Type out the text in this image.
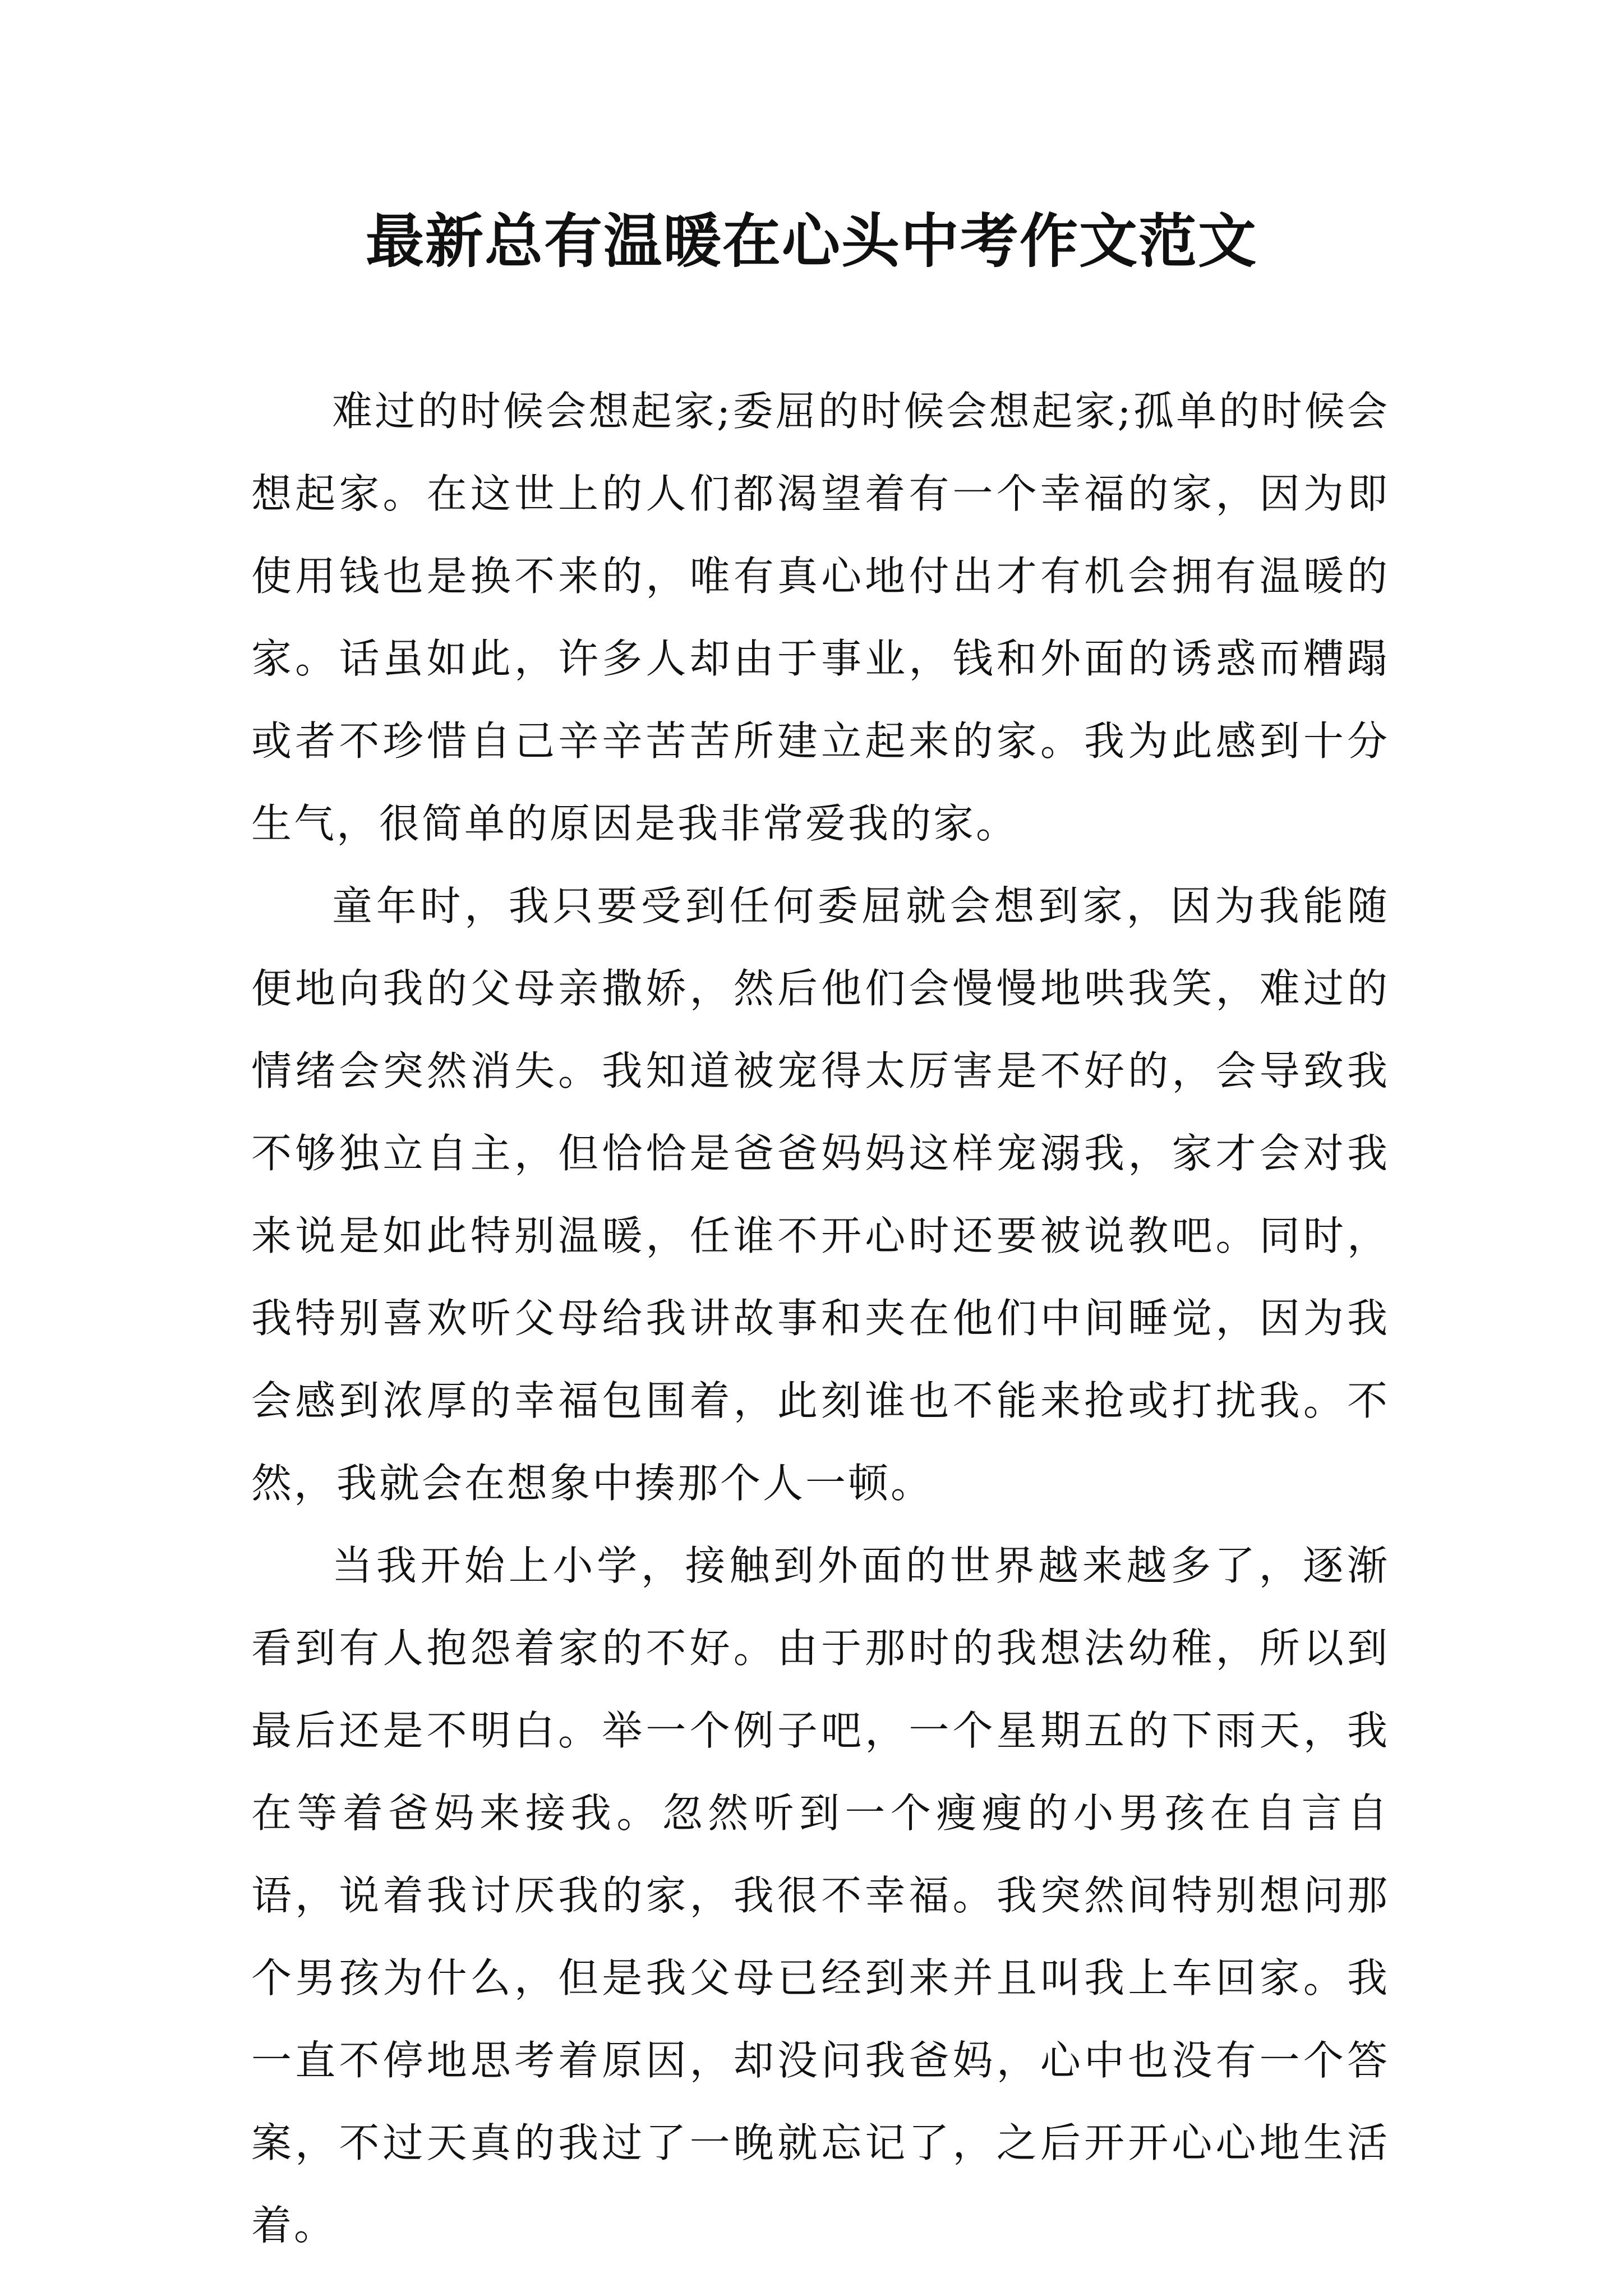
最新总有温暖在心头中考作文范文

难过的时候会想起家;委屈的时候会想起家;孤单的时候会想起家。在这世上的人们都渴望着有一个幸福的家，因为即使用钱也是换不来的，唯有真心地付出才有机会拥有温暖的家。话虽如此，许多人却由于事业，钱和外面的诱惑而糟蹋或者不珍惜自己辛辛苦苦所建立起来的家。我为此感到十分生气，很简单的原因是我非常爱我的家。

童年时，我只要受到任何委屈就会想到家，因为我能随便地向我的父母亲撒娇，然后他们会慢慢地哄我笑，难过的情绪会突然消失。我知道被宠得太厉害是不好的，会导致我不够独立自主，但恰恰是爸爸妈妈这样宠溺我，家才会对我来说是如此特别温暖，任谁不开心时还要被说教吧。同时，我特别喜欢听父母给我讲故事和夹在他们中间睡觉，因为我会感到浓厚的幸福包围着，此刻谁也不能来抢或打扰我。不然，我就会在想象中揍那个人一顿。

当我开始上小学，接触到外面的世界越来越多了，逐渐看到有人抱怨着家的不好。由于那时的我想法幼稚，所以到最后还是不明白。举一个例子吧，一个星期五的下雨天，我在等着爸妈来接我。忽然听到一个瘦瘦的小男孩在自言自语，说着我讨厌我的家，我很不幸福。我突然间特别想问那个男孩为什么，但是我父母已经到来并且叫我上车回家。我一直不停地思考着原因，却没问我爸妈，心中也没有一个答案，不过天真的我过了一晚就忘记了，之后开开心心地生活着。
